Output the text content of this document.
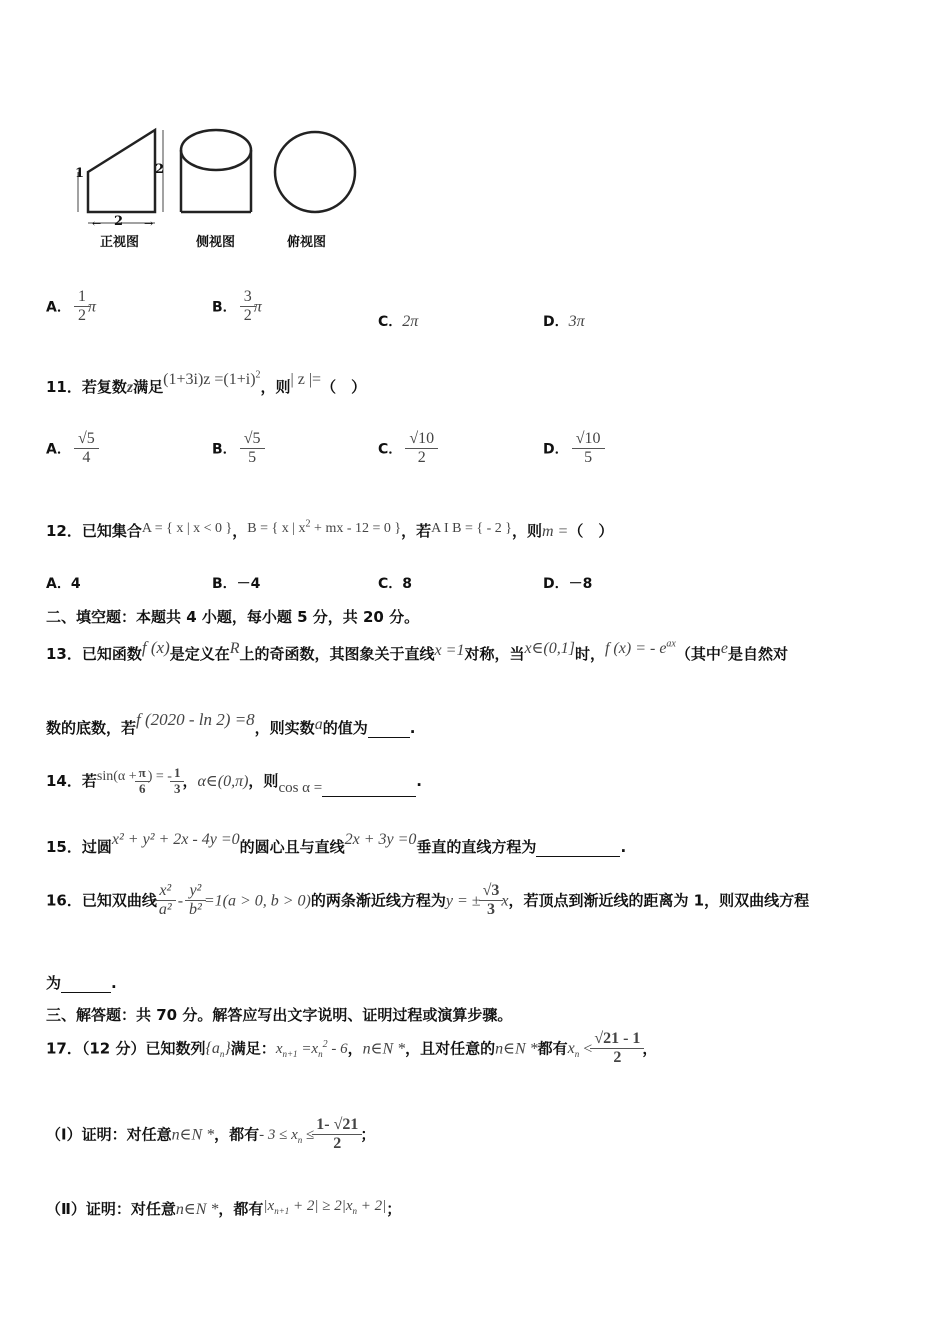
←	→
1	2
2
正视图	侧视图	俯视图
A． $\frac{1}{2}$ π	B． $\frac{3}{2}$ π
C．2π	D．3π
11．若复数z满足$(1+3i)z =(1+i)^2$，则| z |=（　）
A． $\frac{√5}{4}$	B． $\frac{√5}{5}$	C． $\frac{√10}{2}$	D． $\frac{√10}{5}$
12．已知集合A = { x | x < 0 }，B = { x | $x^2$ + mx - 12 = 0 }，若A I B = { - 2 }，则m =（　）
A．4	B．－4	C．8	D．－8
二、填空题：本题共 4 小题，每小题 5 分，共 20 分。
13．已知函数f (x)是定义在R上的奇函数，其图象关于直线x =1对称，当x∈(0,1]时，f (x) = - $e^{ax}$（其中e是自然对
数的底数，若f (2020 - ln 2) =8，则实数a的值为	.
14．若$\sin(\alpha + \frac{\pi}{6}$ ) = - $\frac{1}{3}$ ，α∈(0,π)，则cos α =	.
15．过圆x² + y² + 2x - 4y =0的圆心且与直线2x + 3y =0垂直的直线方程为	.
16．已知双曲线 $\frac{\text{x²}}{\text{a²}} - \frac{\text{y²}}{\text{b²}} =1(a > 0$, b > 0)的两条渐近线方程为y = ± $\frac{√3}{3}$ x，若顶点到渐近线的距离为 1，则双曲线方程
为	.
三、解答题：共 70 分。解答应写出文字说明、证明过程或演算步骤。
17．（12 分）已知数列$\{a_n\}$满足：$x_{n+1} =x_n^2 - 6$，n∈N *，且对任意的n∈N *都有$x_n < \frac{√21 - 1}{2}$ ，
（Ⅰ）证明：对任意n∈N *，都有- $3 \le x_n \le \frac{1- √21}{2}$ ；
（Ⅱ）证明：对任意n∈N *，都有$|x_{n+1} + 2| \ge 2|x_n + 2|$；
